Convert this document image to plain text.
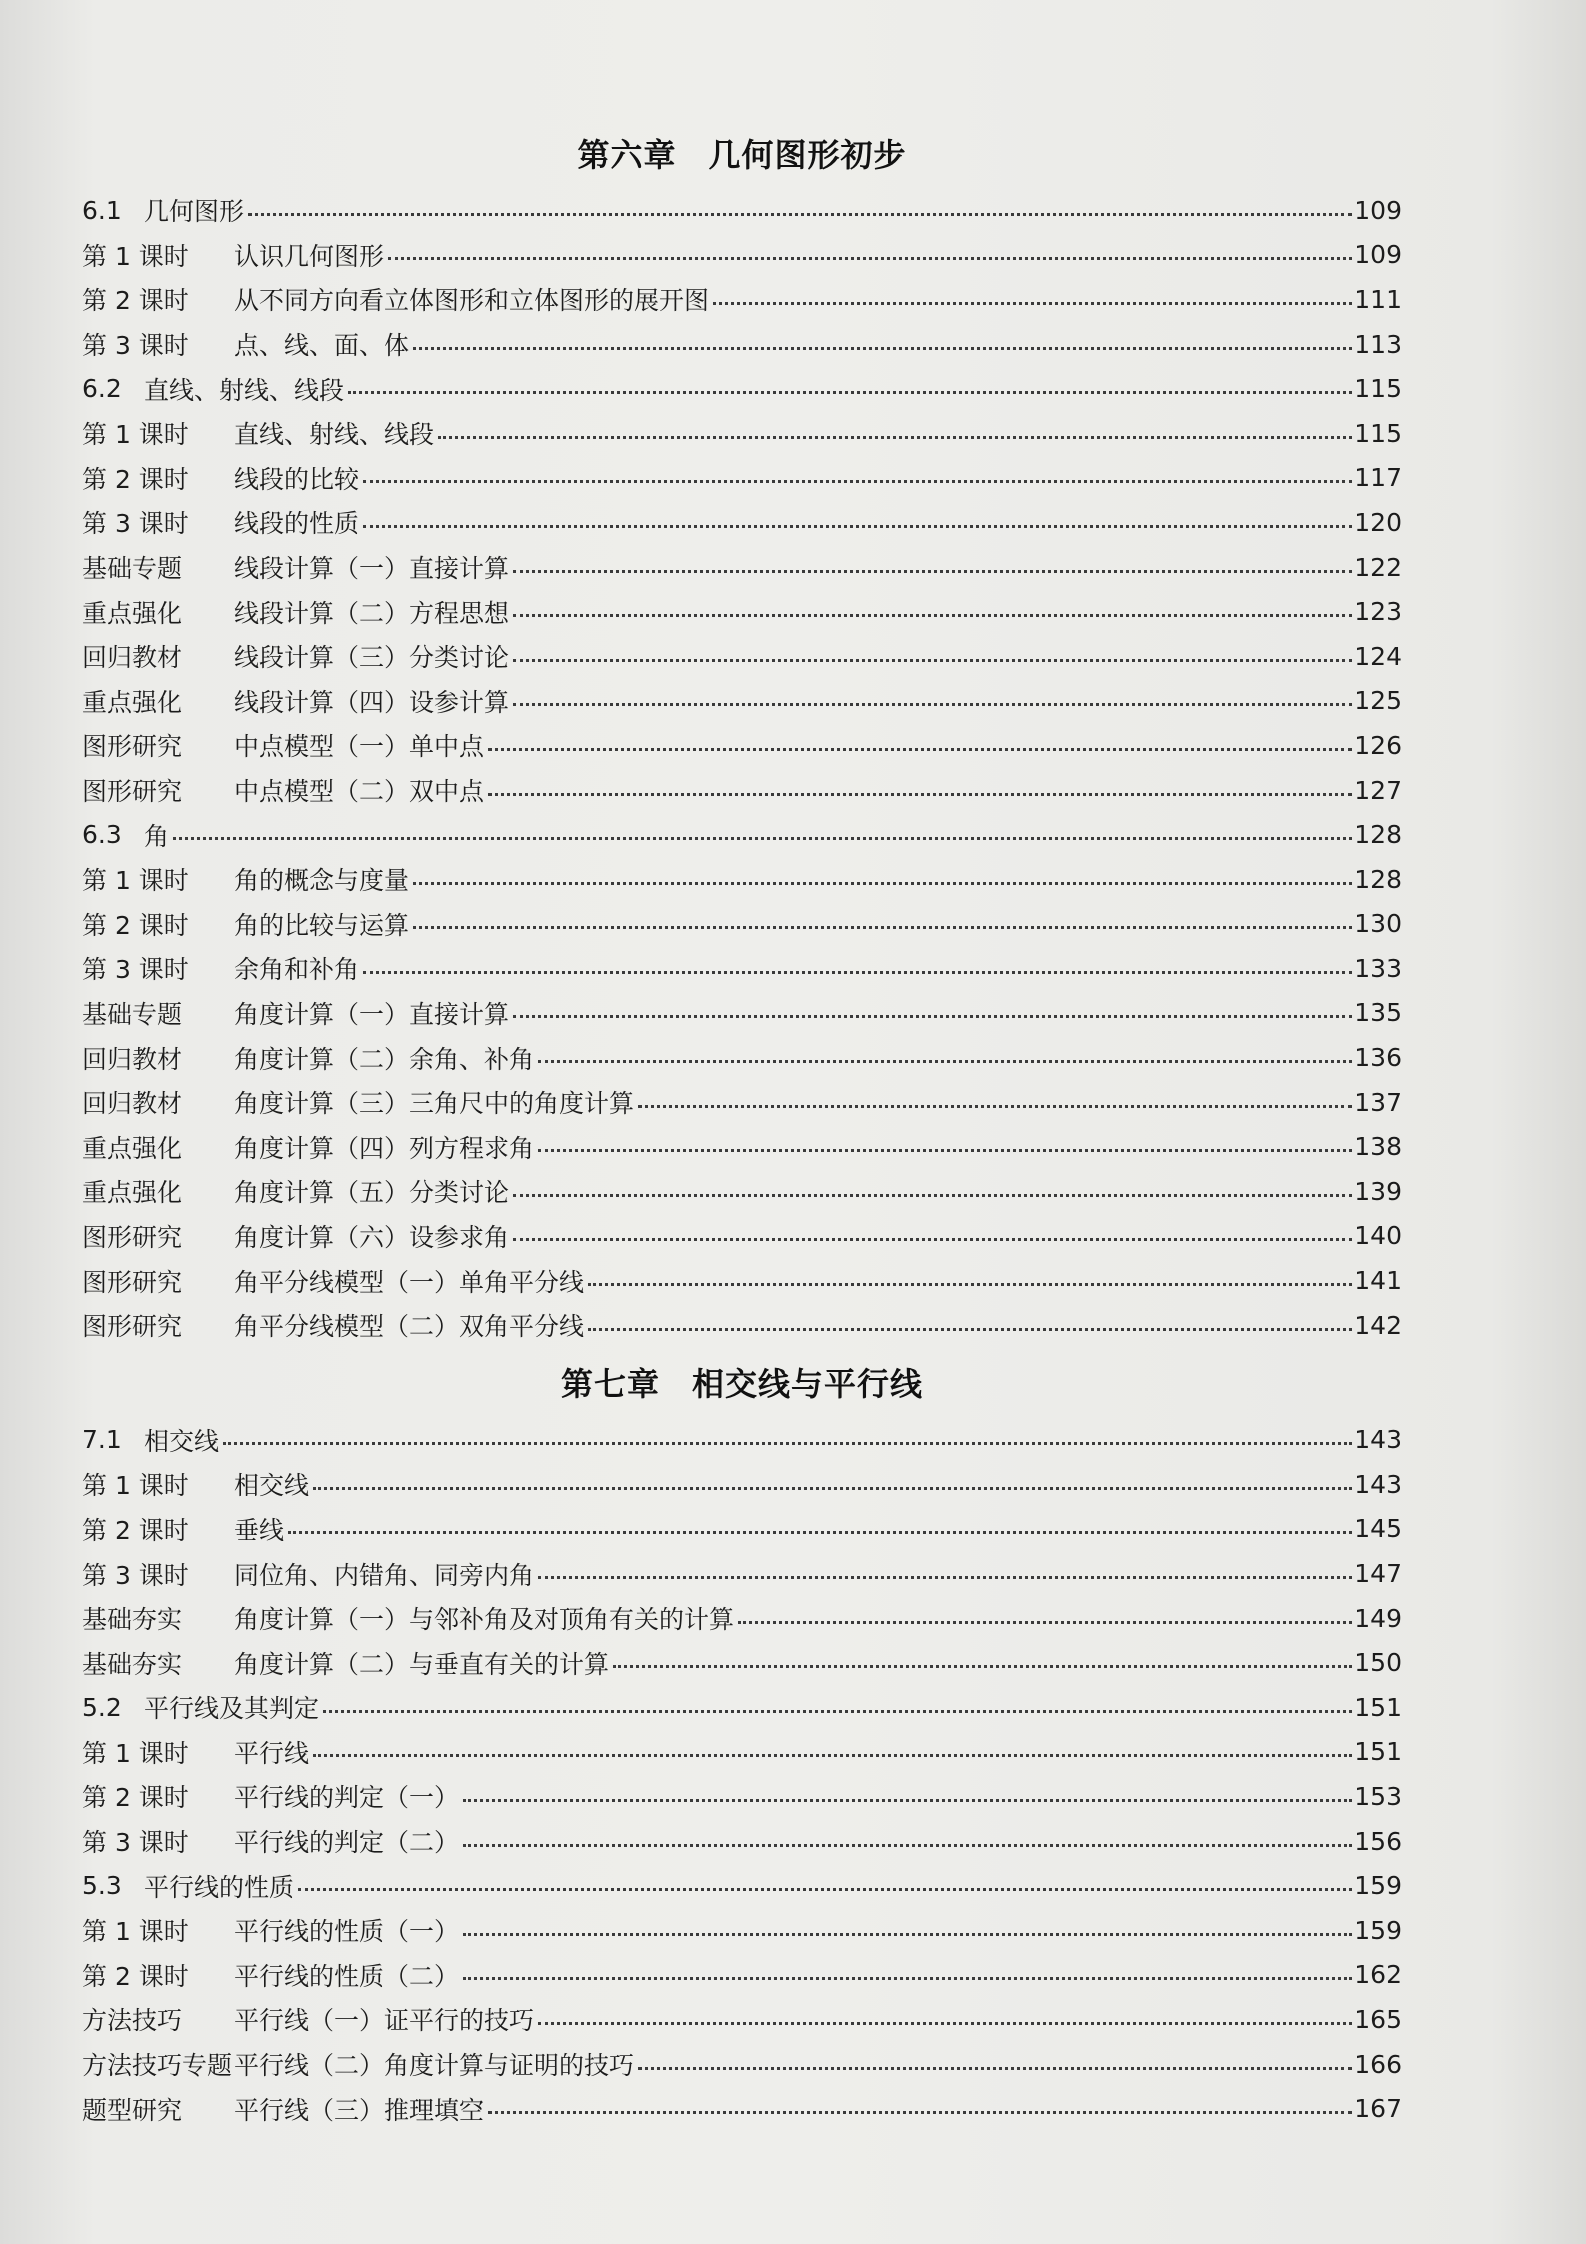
第六章 几何图形初步
6.1 几何图形	109
第 1 课时	认识几何图形	109
第 2 课时	从不同方向看立体图形和立体图形的展开图	111
第 3 课时	点、线、面、体	113
6.2 直线、射线、线段	115
第 1 课时	直线、射线、线段	115
第 2 课时	线段的比较	117
第 3 课时	线段的性质	120
基础专题	线段计算（一）直接计算	122
重点强化	线段计算（二）方程思想	123
回归教材	线段计算（三）分类讨论	124
重点强化	线段计算（四）设参计算	125
图形研究	中点模型（一）单中点	126
图形研究	中点模型（二）双中点	127
6.3 角	128
第 1 课时	角的概念与度量	128
第 2 课时	角的比较与运算	130
第 3 课时	余角和补角	133
基础专题	角度计算（一）直接计算	135
回归教材	角度计算（二）余角、补角	136
回归教材	角度计算（三）三角尺中的角度计算	137
重点强化	角度计算（四）列方程求角	138
重点强化	角度计算（五）分类讨论	139
图形研究	角度计算（六）设参求角	140
图形研究	角平分线模型（一）单角平分线	141
图形研究	角平分线模型（二）双角平分线	142
第七章 相交线与平行线
7.1 相交线	143
第 1 课时	相交线	143
第 2 课时	垂线	145
第 3 课时	同位角、内错角、同旁内角	147
基础夯实	角度计算（一）与邻补角及对顶角有关的计算	149
基础夯实	角度计算（二）与垂直有关的计算	150
5.2 平行线及其判定	151
第 1 课时	平行线	151
第 2 课时	平行线的判定（一）	153
第 3 课时	平行线的判定（二）	156
5.3 平行线的性质	159
第 1 课时	平行线的性质（一）	159
第 2 课时	平行线的性质（二）	162
方法技巧	平行线（一）证平行的技巧	165
方法技巧专题 平行线（二）角度计算与证明的技巧	166
题型研究	平行线（三）推理填空	167
